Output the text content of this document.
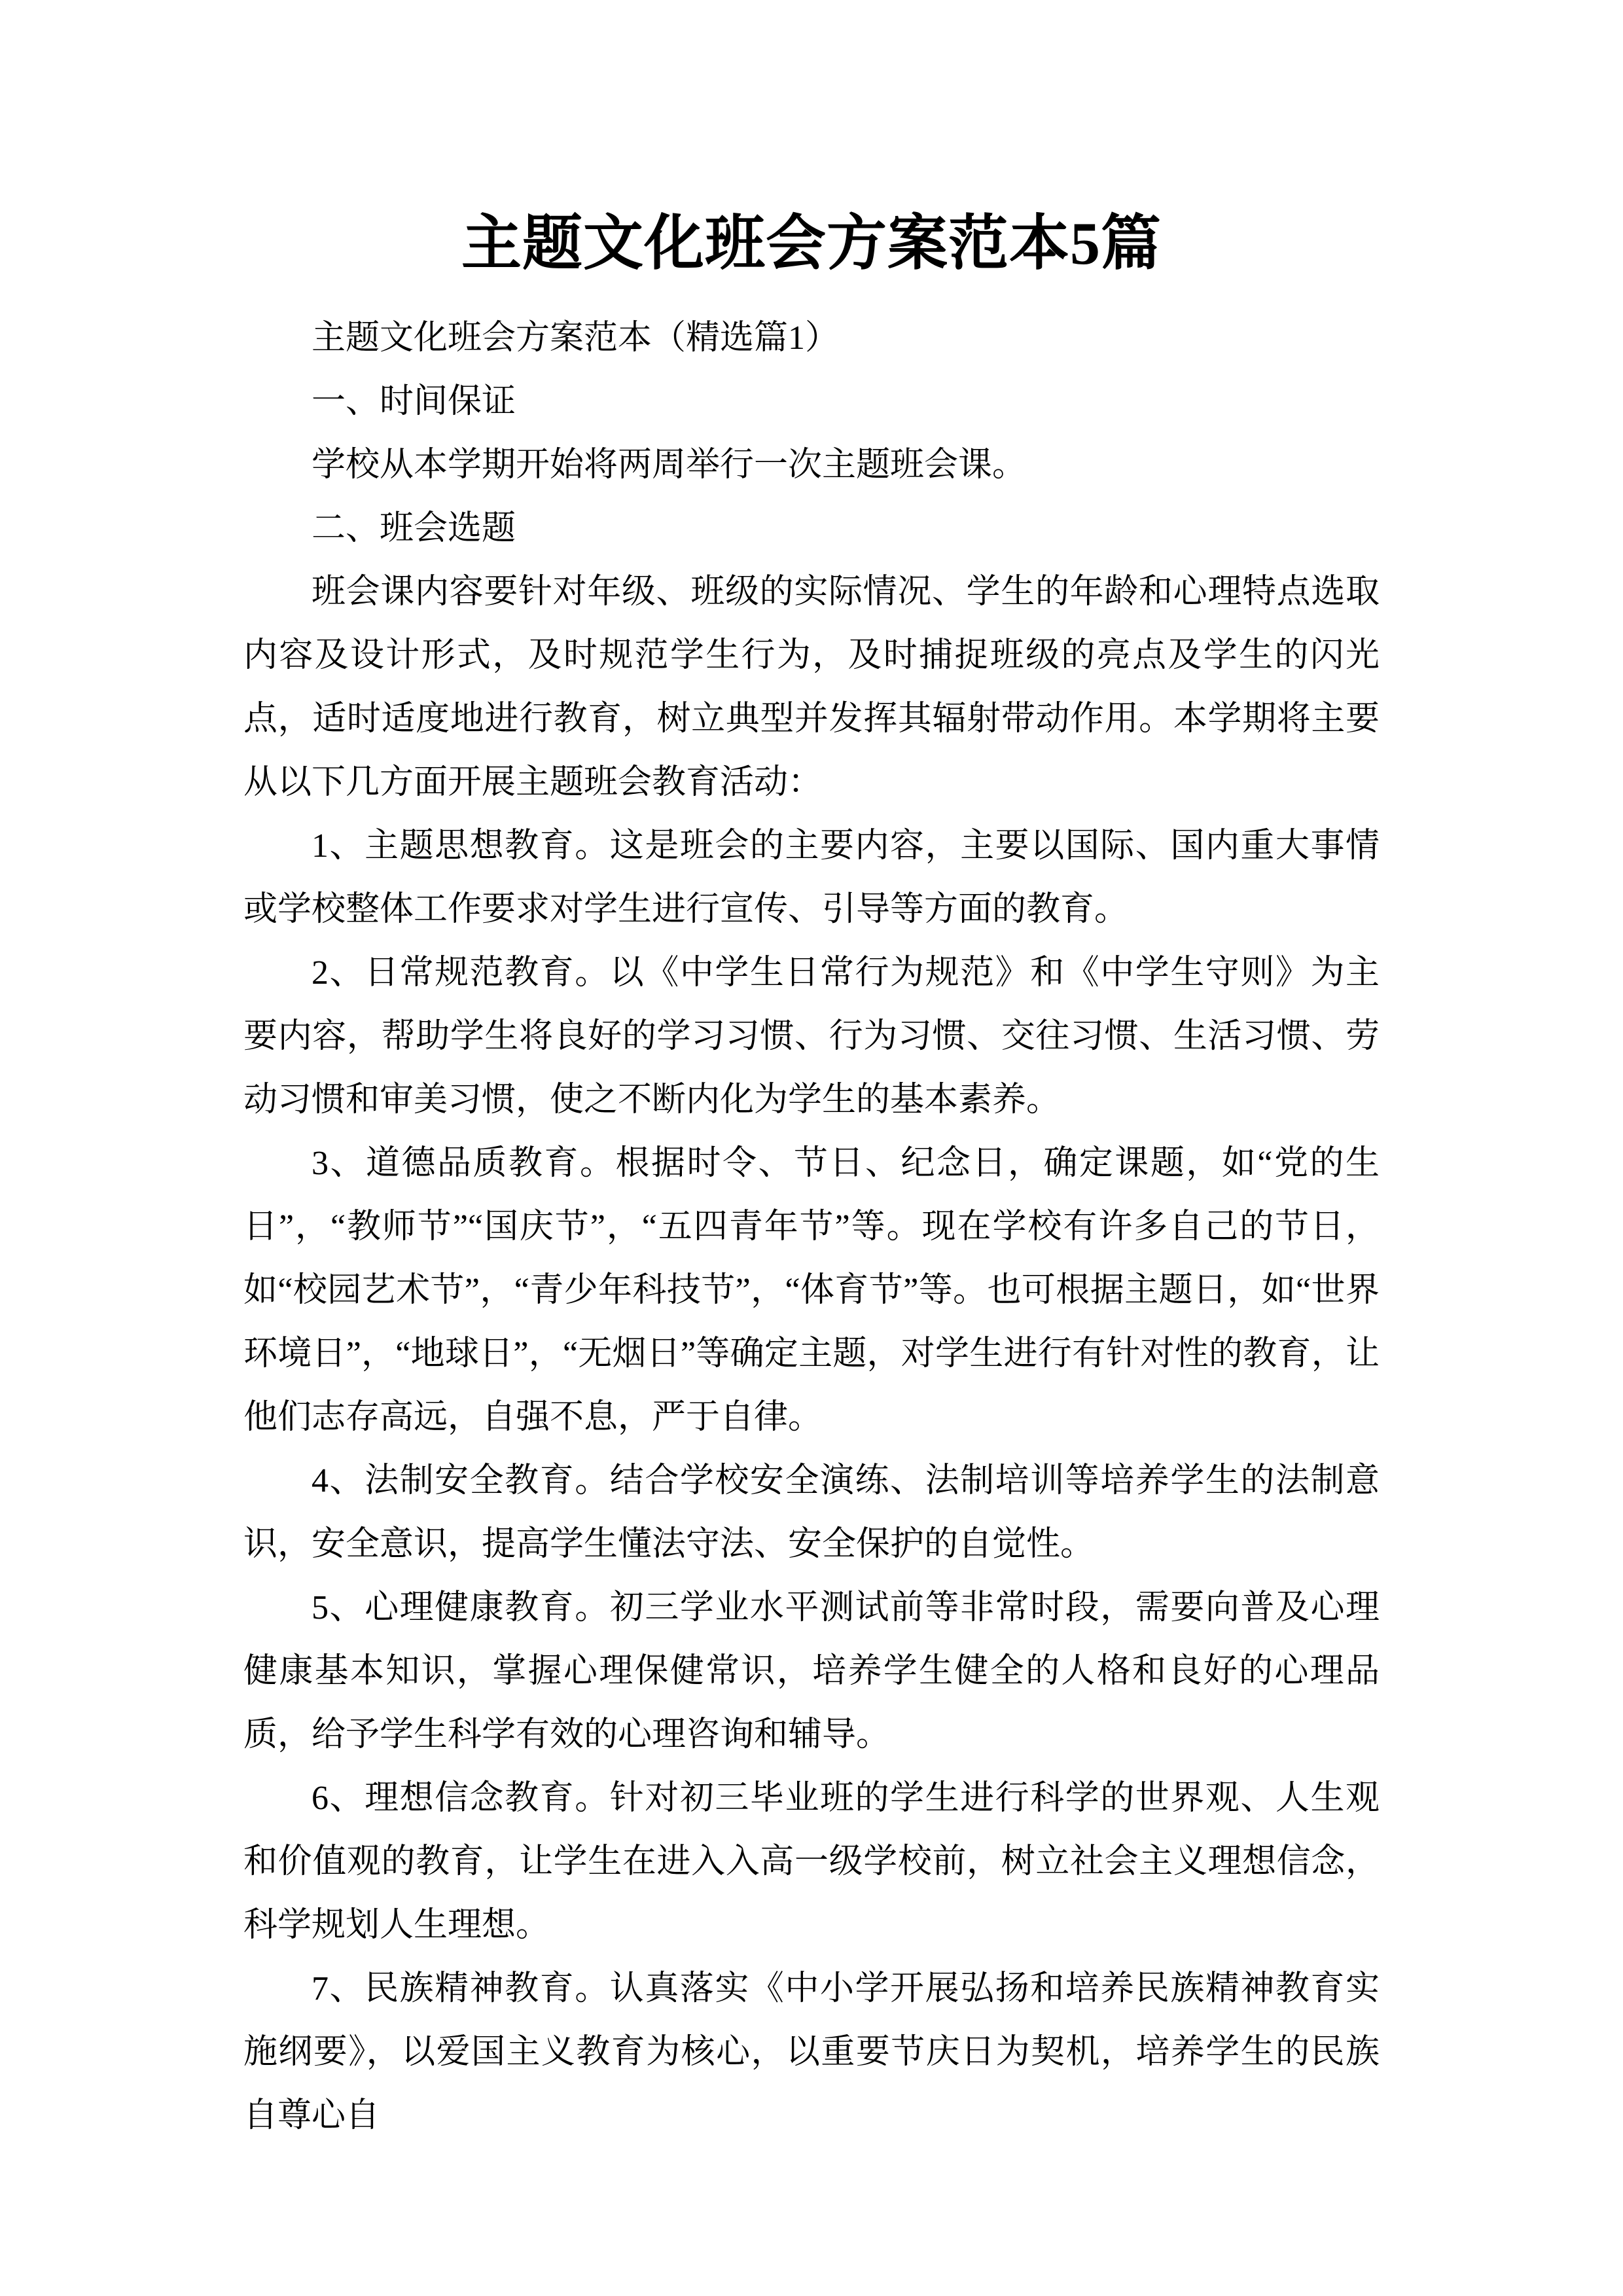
主题文化班会方案范本5篇

主题文化班会方案范本（精选篇1）

一、时间保证

学校从本学期开始将两周举行一次主题班会课。

二、班会选题

班会课内容要针对年级、班级的实际情况、学生的年龄和心理特点选取内容及设计形式，及时规范学生行为，及时捕捉班级的亮点及学生的闪光点，适时适度地进行教育，树立典型并发挥其辐射带动作用。本学期将主要从以下几方面开展主题班会教育活动：

1、主题思想教育。这是班会的主要内容，主要以国际、国内重大事情或学校整体工作要求对学生进行宣传、引导等方面的教育。

2、日常规范教育。以《中学生日常行为规范》和《中学生守则》为主要内容，帮助学生将良好的学习习惯、行为习惯、交往习惯、生活习惯、劳动习惯和审美习惯，使之不断内化为学生的基本素养。

3、道德品质教育。根据时令、节日、纪念日，确定课题，如“党的生日”，“教师节”“国庆节”，“五四青年节”等。现在学校有许多自己的节日，如“校园艺术节”，“青少年科技节”，“体育节”等。也可根据主题日，如“世界环境日”，“地球日”，“无烟日”等确定主题，对学生进行有针对性的教育，让他们志存高远，自强不息，严于自律。

4、法制安全教育。结合学校安全演练、法制培训等培养学生的法制意识，安全意识，提高学生懂法守法、安全保护的自觉性。

5、心理健康教育。初三学业水平测试前等非常时段，需要向普及心理健康基本知识，掌握心理保健常识，培养学生健全的人格和良好的心理品质，给予学生科学有效的心理咨询和辅导。

6、理想信念教育。针对初三毕业班的学生进行科学的世界观、人生观和价值观的教育，让学生在进入入高一级学校前，树立社会主义理想信念，科学规划人生理想。

7、民族精神教育。认真落实《中小学开展弘扬和培养民族精神教育实施纲要》，以爱国主义教育为核心，以重要节庆日为契机，培养学生的民族自尊心自
